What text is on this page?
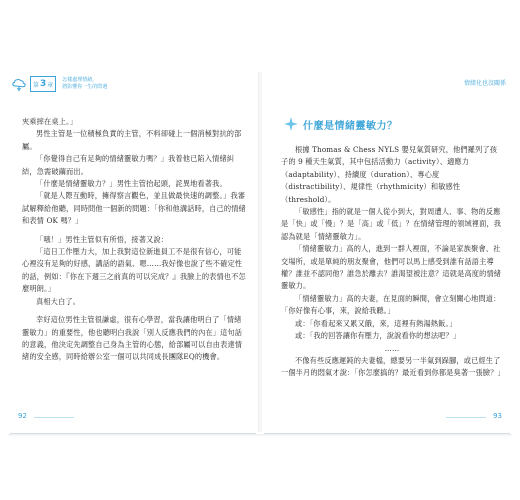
第 3 章
怎樣處理情緒，
將影響你一生的際遇

夾乘摔在桌上。」

男性主管是一位積極負責的主管，不料卻碰上一個消極對抗的部屬。

「你覺得自己有足夠的情緒靈敏力嗎？」我着他已陷入情緒糾結，急需破繭而出。

「什麼是情緒靈敏力？」男性主管抬起頭，詫異地看著我。

「就是人際互動時，擁得察言觀色，並且做最快速的調整。」我審試解釋給他聽，同時問他一個新的問題：「你和他溝話時，自己的情緒和表情 OK 嗎？」

「哦！」男性主管似有所悟，接著又說：

「這日工作壓力大，加上我對這位新進員工不是很有信心，可能心裡沒有足夠的好感，講話的語氣、嗯……我好像也說了些不確定性的話，例如：『你在下週三之前真的可以完成？』我臉上的表情也不怎麼明朗。」

真相大白了。

幸好這位男性主管很謙虛，很有心學習，當我讓他明白了「情緒靈敏力」的重要性，他也聽明白我說「別人反應我們的內在」這句話的意義，他決定先調整自己身為主管的心態，給部屬可以自由表達情緒的安全感，同時給辦公室一個可以共同成長團隊EQ的機會。

92
情緒化也沒關係
什麼是情緒靈敏力？

根據 Thomas & Chess NYLS 嬰兒氣質研究，他們羅列了孩子的 9 種天生氣質，其中包括活動力（activity）、適應力（adaptability）、持續度（duration）、專心度（distractibility）、規律性（rhythmicity）和敏感性（threshold）。

「敏感性」指的就是一個人從小到大，對周遭人、事、物的反應是「快」或「慢」？是「高」或「低」？在情緒管理的領域裡面，我認為就是「情緒靈敏力」。

「情緒靈敏力」高的人，進到一群人裡面，不論是家族聚會、社交場所，或是單純的朋友聚會，他們可以馬上感受到誰有話語主導權？誰並不認同他？誰急於離去？誰渴望被注意？這就是高度的情緒靈敏力。

「情緒靈敏力」高的夫妻，在見面的瞬間，會立刻關心地問道：「你好像有心事，來，說給我聽。」

或：「你看起來又累又餓，來，這裡有熱湯熱飯。」

或：「我的回答讓你有壓力，說說看你的想法吧？」

……

不像有些反應遲鈍的夫妻檔，總要另一半氣到跺腳，或已經生了一個半月的悶氣才說：「你怎麼搞的？最近看到你都是臭著一張臉？」

93
